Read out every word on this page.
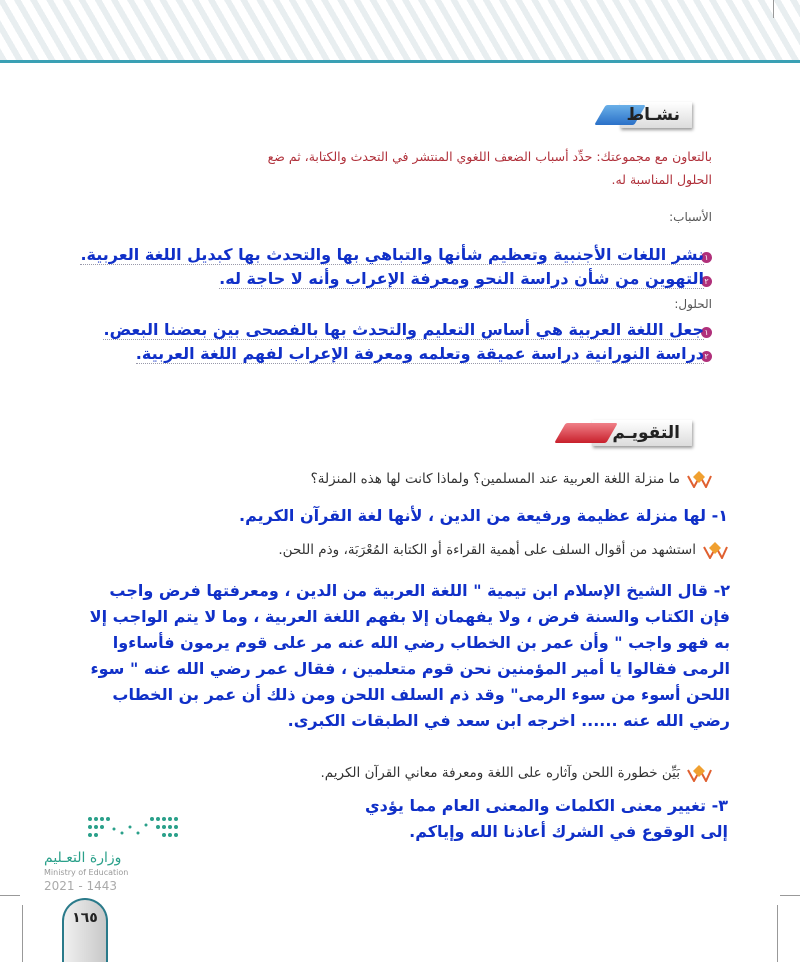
نشـاط
بالتعاون مع مجموعتك: حدِّد أسباب الضعف اللغوي المنتشر في التحدث والكتابة، ثم ضع الحلول المناسبة له.
الأسباب:
١
نشر اللغات الأجنبية وتعظيم شأنها والتباهي بها والتحدث بها كبديل اللغة العربية.
٢
التهوين من شأن دراسة النحو ومعرفة الإعراب وأنه لا حاجة له.
الحلول:
١
جعل اللغة العربية هي أساس التعليم والتحدث بها بالفصحى بين بعضنا البعض.
٢
دراسة النورانية دراسة عميقة وتعلمه ومعرفة الإعراب لفهم اللغة العربية.
التقويـم
ما منزلة اللغة العربية عند المسلمين؟ ولماذا كانت لها هذه المنزلة؟
١- لها منزلة عظيمة ورفيعة من الدين ، لأنها لغة القرآن الكريم.
استشهد من أقوال السلف على أهمية القراءة أو الكتابة المُعْرَبَة، وذم اللحن.
٢- قال الشيخ الإسلام ابن تيمية " اللغة العربية من الدين ، ومعرفتها فرض واجب فإن الكتاب والسنة فرض ، ولا يفهمان إلا بفهم اللغة العربية ، وما لا يتم الواجب إلا به فهو واجب " وأن عمر بن الخطاب رضي الله عنه مر على قوم يرمون فأساءوا الرمى فقالوا يا أمير المؤمنين نحن قوم متعلمين ، فقال عمر رضي الله عنه " سوء اللحن أسوء من سوء الرمى" وقد ذم السلف اللحن ومن ذلك أن عمر بن الخطاب رضي الله عنه ...... اخرجه ابن سعد في الطبقات الكبرى.
بَيِّن خطورة اللحن وآثاره على اللغة ومعرفة معاني القرآن الكريم.
٣- تغيير معنى الكلمات والمعنى العام مما يؤدي إلى الوقوع في الشرك أعاذنا الله وإياكم.
وزارة التعـليم
Ministry of Education
2021 - 1443
١٦٥
